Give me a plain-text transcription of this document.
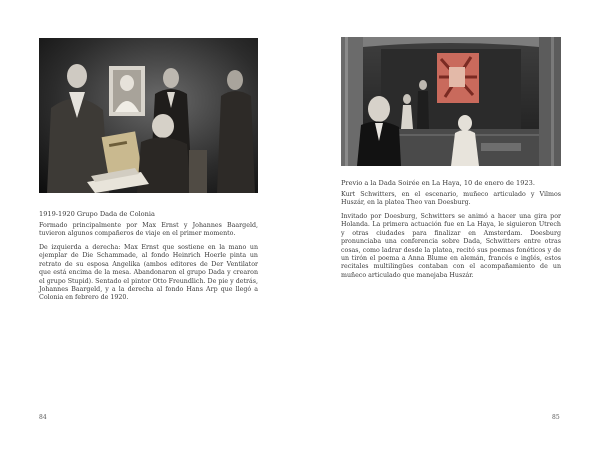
1919-1920 Grupo Dada de Colonia

Formado principalmente por Max Ernst y Johannes Baargeld, tuvieron algunos compañeros de viaje en el primer momento.

De izquierda a derecha: Max Ernst que sostiene en la mano un ejemplar de Die Schammade, al fondo Heinrich Hoerle pinta un retrato de su esposa Angelika (ambos editores de Der Ventilator que está encima de la mesa. Abandonaron el grupo Dada y crearon el grupo Stupid). Sentado el pintor Otto Freundlich. De pie y detrás, Johannes Baargeld, y a la derecha al fondo Hans Arp que llegó a Colonia en febrero de 1920.

84

Previo a la Dada Soirée en La Haya, 10 de enero de 1923.

Kurt Schwitters, en el escenario, muñeco articulado y Vilmos Huszár, en la platea Theo van Doesburg.

Invitado por Doesburg, Schwitters se animó a hacer una gira por Holanda. La primera actuación fue en La Haya, le siguieron Utrech y otras ciudades para finalizar en Amsterdam. Doesburg pronunciaba una conferencia sobre Dada, Schwitters entre otras cosas, como ladrar desde la platea, recitó sus poemas fonéticos y de un tirón el poema a Anna Blume en alemán, francés e inglés, estos recitales multilingües contaban con el acompañamiento de un muñeco articulado que manejaba Huszár.

85
